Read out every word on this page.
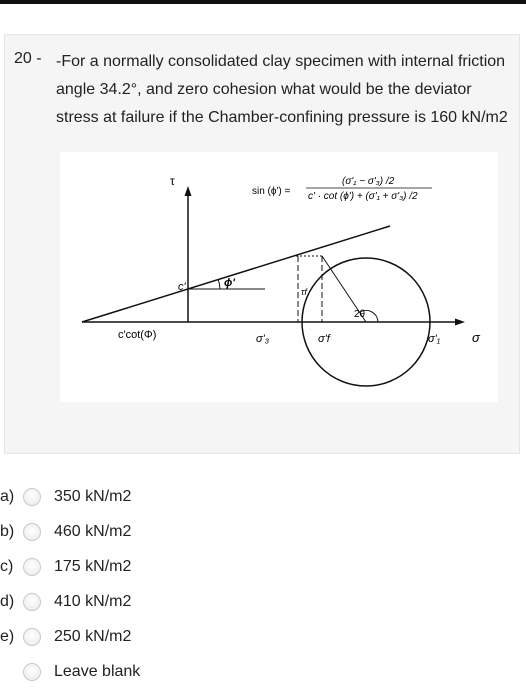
20 - -For a normally consolidated clay specimen with internal friction angle 34.2°, and zero cohesion what would be the deviator stress at failure if the Chamber-confining pressure is 160 kN/m2
τ
σ
c'	ϕ'
2θ
τf
sin (ϕ') =
(σ'₁ − σ'₃) /2
c' · cot (ϕ') + (σ'₁ + σ'₃) /2
c'cot(Φ)	σ'₃	σ'f	σ'₁
a)	350 kN/m2
b)	460 kN/m2
c)	175 kN/m2
d)	410 kN/m2
e)	250 kN/m2
Leave blank
